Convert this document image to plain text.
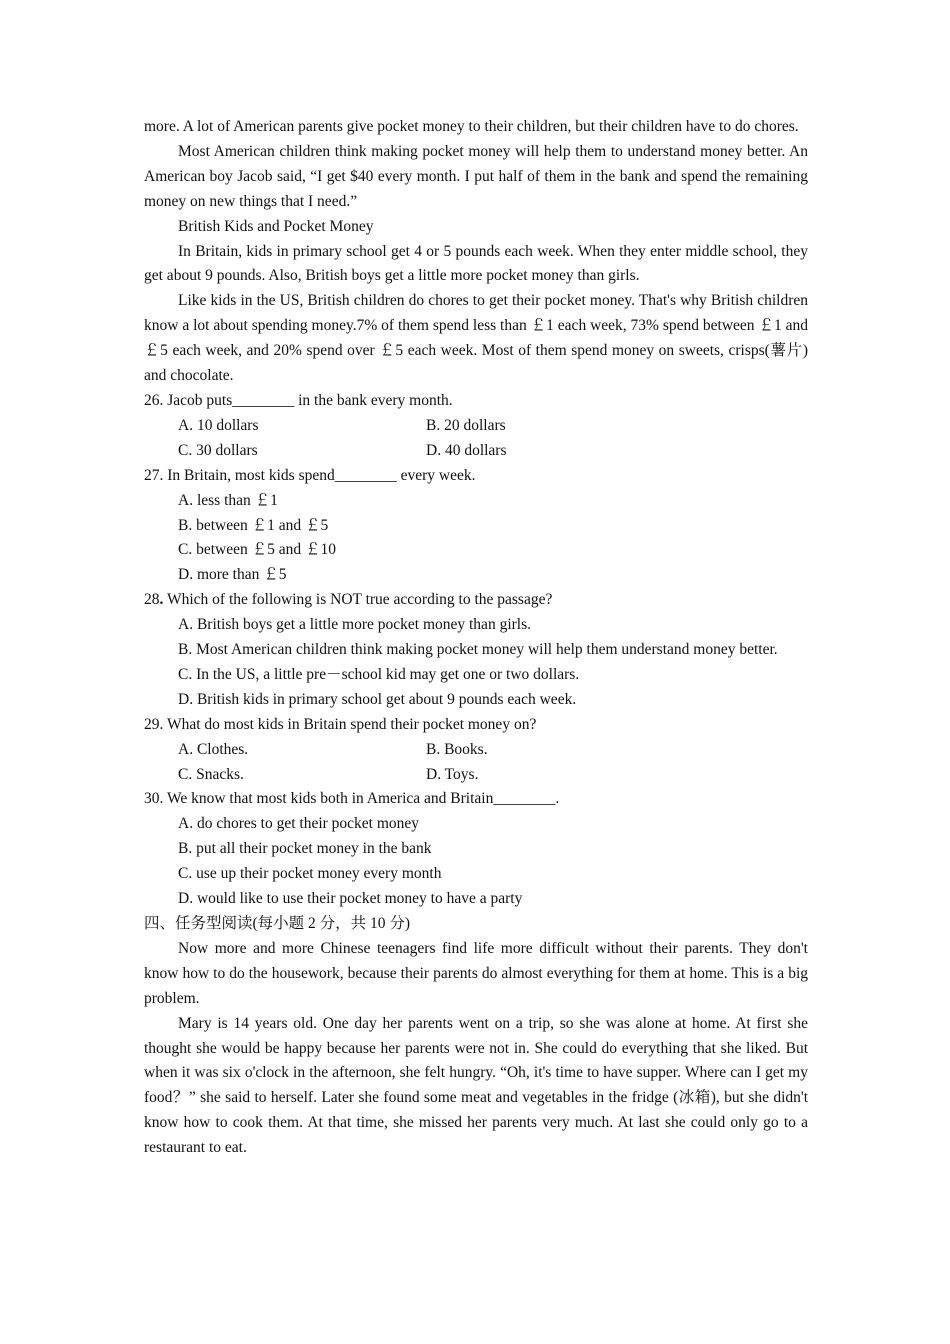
more. A lot of American parents give pocket money to their children, but their children have to do chores.

Most American children think making pocket money will help them to understand money better. An American boy Jacob said, “I get $40 every month. I put half of them in the bank and spend the remaining money on new things that I need.”

British Kids and Pocket Money

In Britain, kids in primary school get 4 or 5 pounds each week. When they enter middle school, they get about 9 pounds. Also, British boys get a little more pocket money than girls.

Like kids in the US, British children do chores to get their pocket money. That's why British children know a lot about spending money.7% of them spend less than ￡1 each week, 73% spend between ￡1 and ￡5 each week, and 20% spend over ￡5 each week. Most of them spend money on sweets, crisps(薯片) and chocolate.

26. Jacob puts________ in the bank every month.

A. 10 dollars	B. 20 dollars
C. 30 dollars	D. 40 dollars

27. In Britain, most kids spend________ every week.

A. less than ￡1

B. between ￡1 and ￡5

C. between ￡5 and ￡10

D. more than ￡5

28. Which of the following is NOT true according to the passage?

A. British boys get a little more pocket money than girls.

B. Most American children think making pocket money will help them understand money better.

C. In the US, a little pre－school kid may get one or two dollars.

D. British kids in primary school get about 9 pounds each week.

29. What do most kids in Britain spend their pocket money on?

A. Clothes.	B. Books.
C. Snacks.	D. Toys.

30. We know that most kids both in America and Britain________.

A. do chores to get their pocket money

B. put all their pocket money in the bank

C. use up their pocket money every month

D. would like to use their pocket money to have a party

四、任务型阅读(每小题 2 分，共 10 分)

Now more and more Chinese teenagers find life more difficult without their parents. They don't know how to do the housework, because their parents do almost everything for them at home. This is a big problem.

Mary is 14 years old. One day her parents went on a trip, so she was alone at home. At first she thought she would be happy because her parents were not in. She could do everything that she liked. But when it was six o'clock in the afternoon, she felt hungry. “Oh, it's time to have supper. Where can I get my food？” she said to herself. Later she found some meat and vegetables in the fridge (冰箱), but she didn't know how to cook them. At that time, she missed her parents very much. At last she could only go to a restaurant to eat.
